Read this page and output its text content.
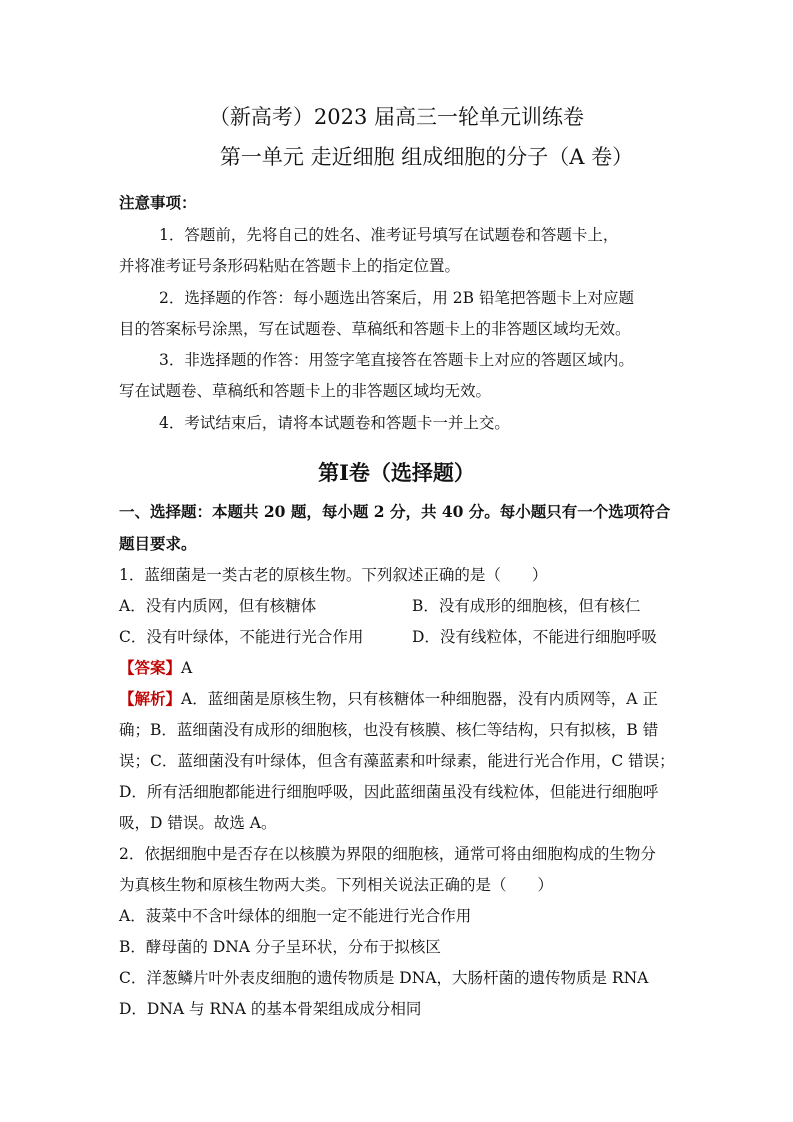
（新高考）2023 届高三一轮单元训练卷
第一单元 走近细胞 组成细胞的分子（A 卷）
注意事项：
1．答题前，先将自己的姓名、准考证号填写在试题卷和答题卡上，
并将准考证号条形码粘贴在答题卡上的指定位置。
2．选择题的作答：每小题选出答案后，用 2B 铅笔把答题卡上对应题
目的答案标号涂黑，写在试题卷、草稿纸和答题卡上的非答题区域均无效。
3．非选择题的作答：用签字笔直接答在答题卡上对应的答题区域内。
写在试题卷、草稿纸和答题卡上的非答题区域均无效。
4．考试结束后，请将本试题卷和答题卡一并上交。
第Ⅰ卷（选择题）
一、选择题：本题共 20 题，每小题 2 分，共 40 分。每小题只有一个选项符合
题目要求。
1．蓝细菌是一类古老的原核生物。下列叙述正确的是（　　）
A．没有内质网，但有核糖体	B．没有成形的细胞核，但有核仁
C．没有叶绿体，不能进行光合作用	D．没有线粒体，不能进行细胞呼吸
【答案】A
【解析】A．蓝细菌是原核生物，只有核糖体一种细胞器，没有内质网等，A 正
确；B．蓝细菌没有成形的细胞核，也没有核膜、核仁等结构，只有拟核，B 错
误；C．蓝细菌没有叶绿体，但含有藻蓝素和叶绿素，能进行光合作用，C 错误；
D．所有活细胞都能进行细胞呼吸，因此蓝细菌虽没有线粒体，但能进行细胞呼
吸，D 错误。故选 A。
2．依据细胞中是否存在以核膜为界限的细胞核，通常可将由细胞构成的生物分
为真核生物和原核生物两大类。下列相关说法正确的是（　　）
A．菠菜中不含叶绿体的细胞一定不能进行光合作用
B．酵母菌的 DNA 分子呈环状，分布于拟核区
C．洋葱鳞片叶外表皮细胞的遗传物质是 DNA，大肠杆菌的遗传物质是 RNA
D．DNA 与 RNA 的基本骨架组成成分相同
